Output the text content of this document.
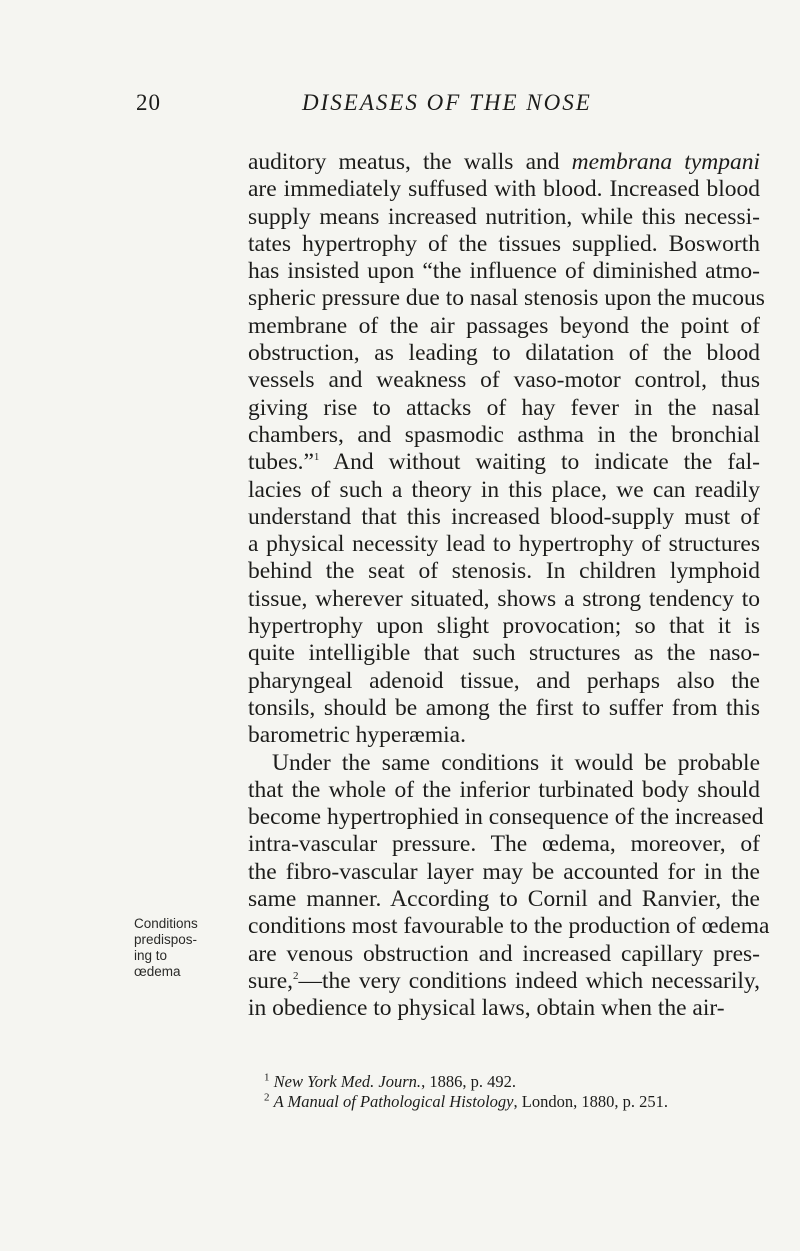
20	DISEASES OF THE NOSE
auditory meatus, the walls and membrana tympani
are immediately suffused with blood. Increased blood
supply means increased nutrition, while this necessi-
tates hypertrophy of the tissues supplied. Bosworth
has insisted upon “the influence of diminished atmo-
spheric pressure due to nasal stenosis upon the mucous
membrane of the air passages beyond the point of
obstruction, as leading to dilatation of the blood
vessels and weakness of vaso-motor control, thus
giving rise to attacks of hay fever in the nasal
chambers, and spasmodic asthma in the bronchial
tubes.”$^1$ And without waiting to indicate the fal-
lacies of such a theory in this place, we can readily
understand that this increased blood-supply must of
a physical necessity lead to hypertrophy of structures
behind the seat of stenosis. In children lymphoid
tissue, wherever situated, shows a strong tendency to
hypertrophy upon slight provocation; so that it is
quite intelligible that such structures as the naso-
pharyngeal adenoid tissue, and perhaps also the
tonsils, should be among the first to suffer from this
barometric hyperæmia.
Under the same conditions it would be probable
that the whole of the inferior turbinated body should
become hypertrophied in consequence of the increased
intra-vascular pressure. The œdema, moreover, of
the fibro-vascular layer may be accounted for in the
same manner. According to Cornil and Ranvier, the
conditions most favourable to the production of œdema
are venous obstruction and increased capillary pres-
sure,$^2$—the very conditions indeed which necessarily,
in obedience to physical laws, obtain when the air-
Conditions
predispos-
ing to
œdema
$^1$ New York Med. Journ., 1886, p. 492.
$^2$ A Manual of Pathological Histology, London, 1880, p. 251.
